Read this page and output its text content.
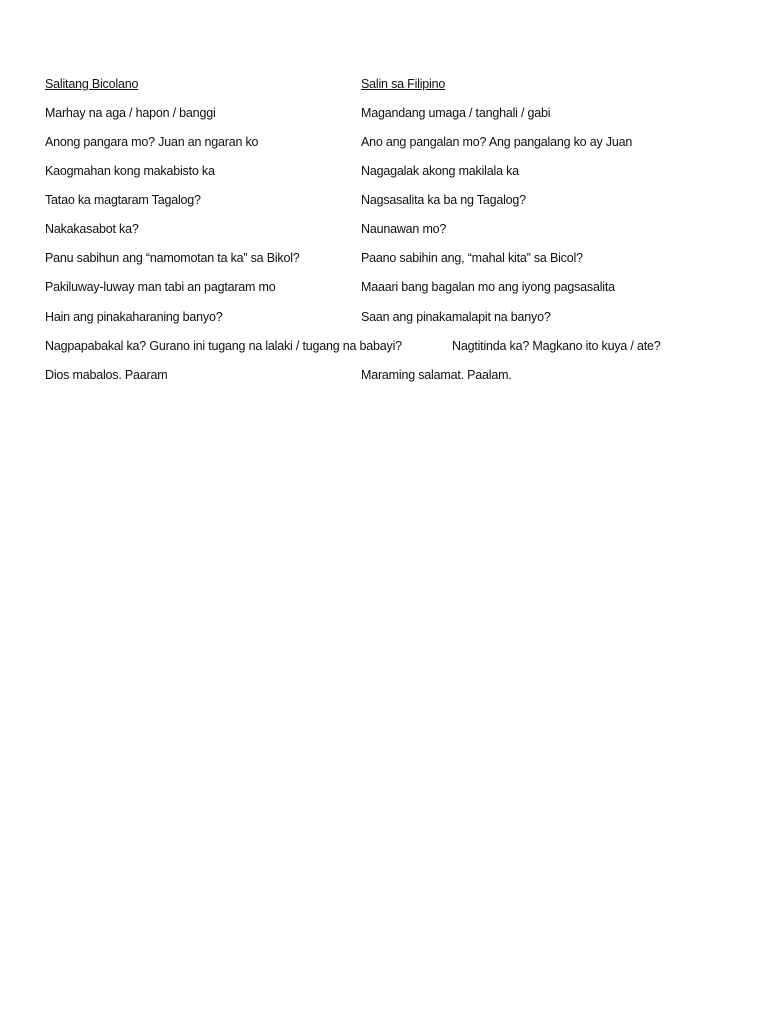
Salitang Bicolano	Salin sa Filipino
Marhay na aga / hapon / banggi	Magandang umaga / tanghali / gabi
Anong pangara mo? Juan an ngaran ko	Ano ang pangalan mo? Ang pangalang ko ay Juan
Kaogmahan kong makabisto ka	Nagagalak akong makilala ka
Tatao ka magtaram Tagalog?	Nagsasalita ka ba ng Tagalog?
Nakakasabot ka?	Naunawan mo?
Panu sabihun ang “namomotan ta ka” sa Bikol?	Paano sabihin ang, “mahal kita” sa Bicol?
Pakiluway-luway man tabi an pagtaram mo	Maaari bang bagalan mo ang iyong pagsasalita
Hain ang pinakaharaning banyo?	Saan ang pinakamalapit na banyo?
Nagpapabakal ka? Gurano ini tugang na lalaki / tugang na babayi?	Nagtitinda ka? Magkano ito kuya / ate?
Dios mabalos. Paaram	Maraming salamat. Paalam.
